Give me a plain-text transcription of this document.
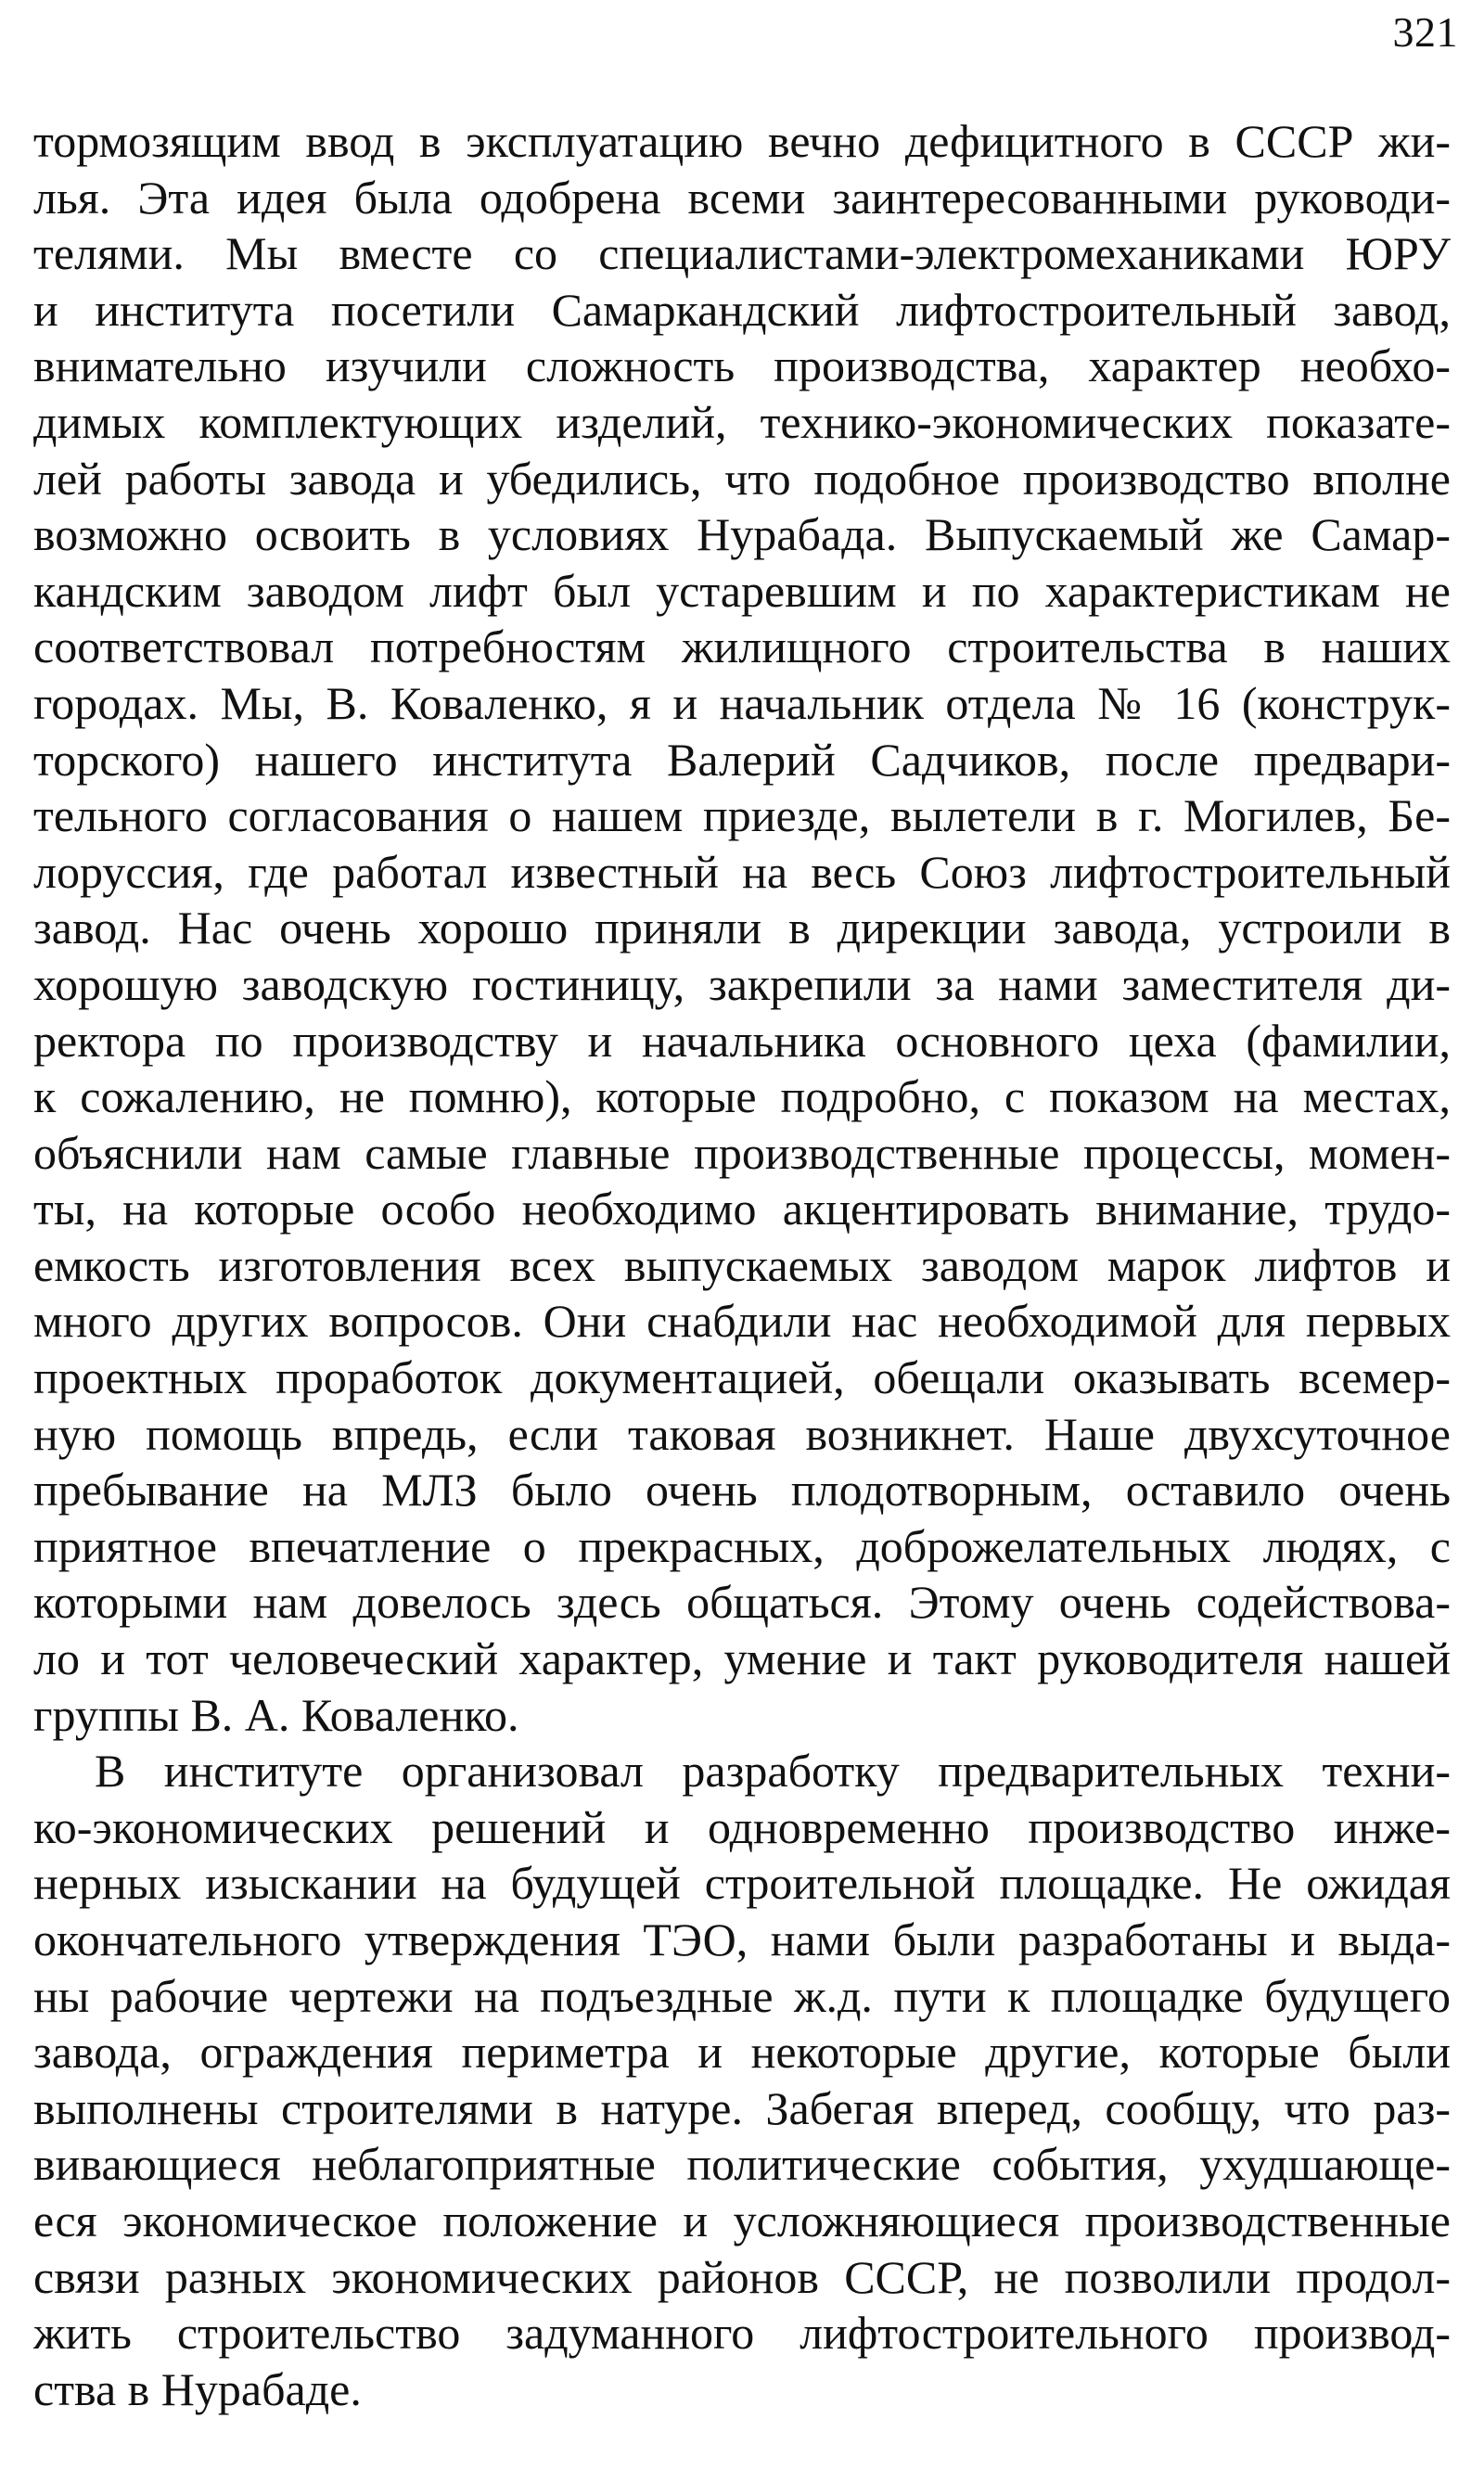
321
тормозящим ввод в эксплуатацию вечно дефицитного в СССР жи-
лья. Эта идея была одобрена всеми заинтересованными руководи-
телями. Мы вместе со специалистами-электромеханиками ЮРУ
и института посетили Самаркандский лифтостроительный завод,
внимательно изучили сложность производства, характер необхо-
димых комплектующих изделий, технико-экономических показате-
лей работы завода и убедились, что подобное производство вполне
возможно освоить в условиях Нурабада. Выпускаемый же Самар-
кандским заводом лифт был устаревшим и по характеристикам не
соответствовал потребностям жилищного строительства в наших
городах. Мы, В. Коваленко, я и начальник отдела № 16 (конструк-
торского) нашего института Валерий Садчиков, после предвари-
тельного согласования о нашем приезде, вылетели в г. Могилев, Бе-
лоруссия, где работал известный на весь Союз лифтостроительный
завод. Нас очень хорошо приняли в дирекции завода, устроили в
хорошую заводскую гостиницу, закрепили за нами заместителя ди-
ректора по производству и начальника основного цеха (фамилии,
к сожалению, не помню), которые подробно, с показом на местах,
объяснили нам самые главные производственные процессы, момен-
ты, на которые особо необходимо акцентировать внимание, трудо-
емкость изготовления всех выпускаемых заводом марок лифтов и
много других вопросов. Они снабдили нас необходимой для первых
проектных проработок документацией, обещали оказывать всемер-
ную помощь впредь, если таковая возникнет. Наше двухсуточное
пребывание на МЛЗ было очень плодотворным, оставило очень
приятное впечатление о прекрасных, доброжелательных людях, с
которыми нам довелось здесь общаться. Этому очень содействова-
ло и тот человеческий характер, умение и такт руководителя нашей
группы В. А. Коваленко.
В институте организовал разработку предварительных техни-
ко-экономических решений и одновременно производство инже-
нерных изыскании на будущей строительной площадке. Не ожидая
окончательного утверждения ТЭО, нами были разработаны и выда-
ны рабочие чертежи на подъездные ж.д. пути к площадке будущего
завода, ограждения периметра и некоторые другие, которые были
выполнены строителями в натуре. Забегая вперед, сообщу, что раз-
вивающиеся неблагоприятные политические события, ухудшающе-
еся экономическое положение и усложняющиеся производственные
связи разных экономических районов СССР, не позволили продол-
жить строительство задуманного лифтостроительного производ-
ства в Нурабаде.
